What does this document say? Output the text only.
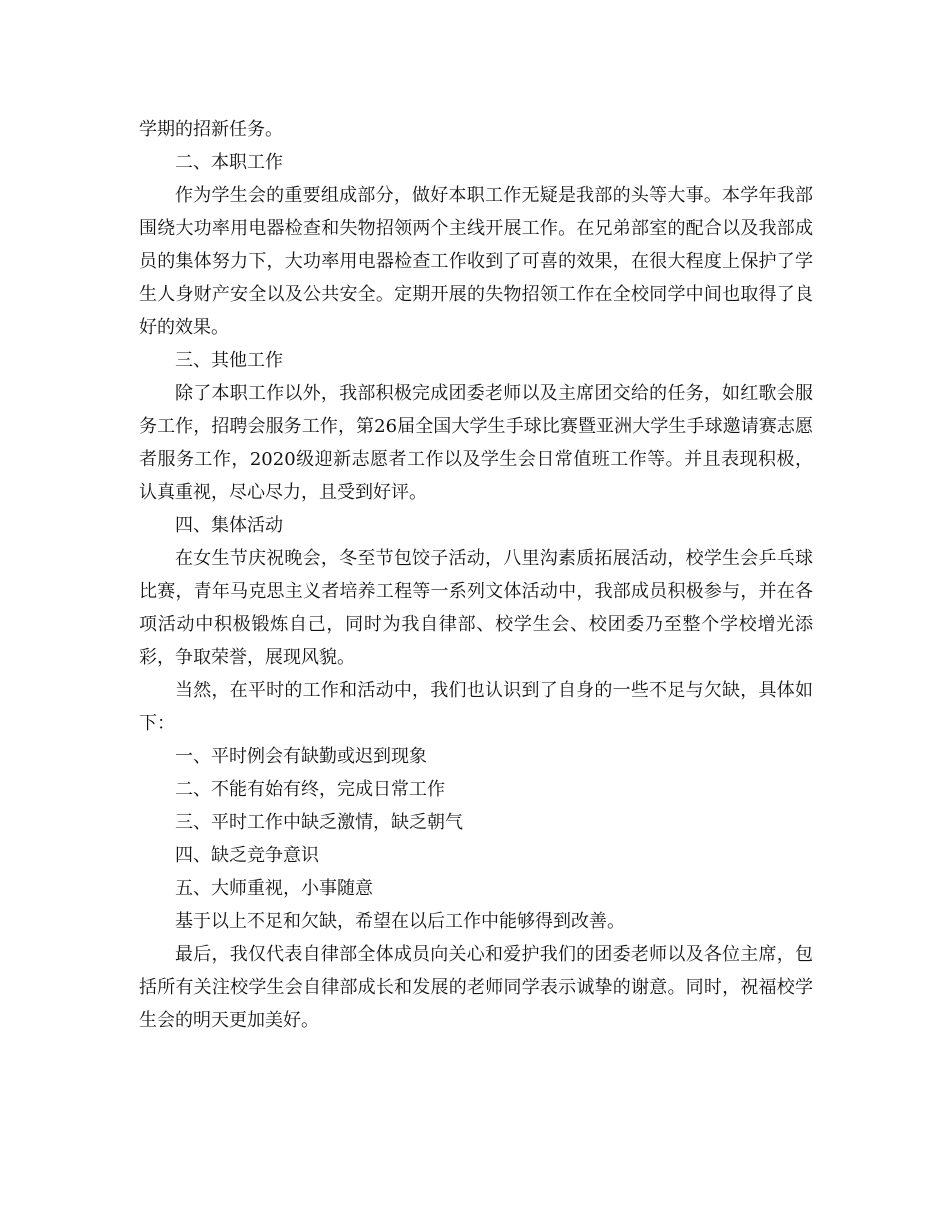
学期的招新任务。

二、本职工作

作为学生会的重要组成部分，做好本职工作无疑是我部的头等大事。本学年我部围绕大功率用电器检查和失物招领两个主线开展工作。在兄弟部室的配合以及我部成员的集体努力下，大功率用电器检查工作收到了可喜的效果，在很大程度上保护了学生人身财产安全以及公共安全。定期开展的失物招领工作在全校同学中间也取得了良好的效果。

三、其他工作

除了本职工作以外，我部积极完成团委老师以及主席团交给的任务，如红歌会服务工作，招聘会服务工作，第26届全国大学生手球比赛暨亚洲大学生手球邀请赛志愿者服务工作，2020级迎新志愿者工作以及学生会日常值班工作等。并且表现积极，认真重视，尽心尽力，且受到好评。

四、集体活动

在女生节庆祝晚会，冬至节包饺子活动，八里沟素质拓展活动，校学生会乒乓球比赛，青年马克思主义者培养工程等一系列文体活动中，我部成员积极参与，并在各项活动中积极锻炼自己，同时为我自律部、校学生会、校团委乃至整个学校增光添彩，争取荣誉，展现风貌。

当然，在平时的工作和活动中，我们也认识到了自身的一些不足与欠缺，具体如下：

一、平时例会有缺勤或迟到现象

二、不能有始有终，完成日常工作

三、平时工作中缺乏激情，缺乏朝气

四、缺乏竞争意识

五、大师重视，小事随意

基于以上不足和欠缺，希望在以后工作中能够得到改善。

最后，我仅代表自律部全体成员向关心和爱护我们的团委老师以及各位主席，包括所有关注校学生会自律部成长和发展的老师同学表示诚挚的谢意。同时，祝福校学生会的明天更加美好。
